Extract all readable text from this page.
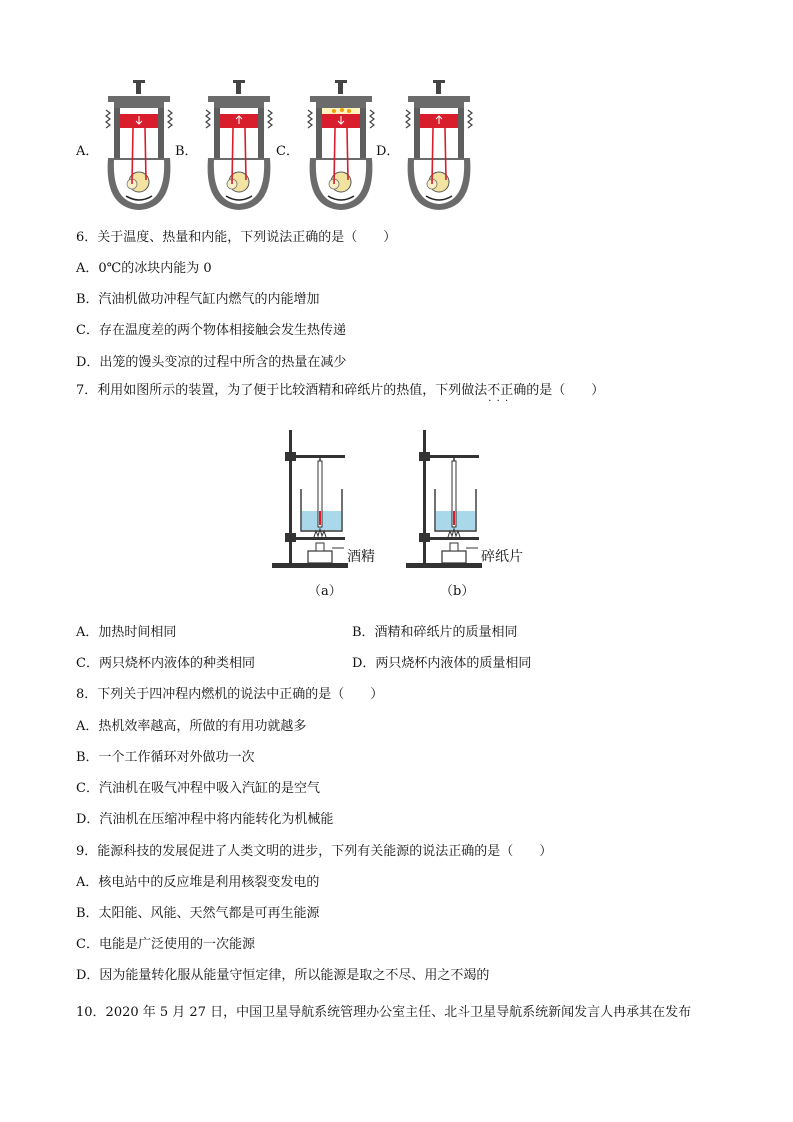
A．	B．	C．	D．
6．关于温度、热量和内能，下列说法正确的是（　　）
A．0℃的冰块内能为 0
B．汽油机做功冲程气缸内燃气的内能增加
C．存在温度差的两个物体相接触会发生热传递
D．出笼的馒头变凉的过程中所含的热量在减少
7．利用如图所示的装置，为了便于比较酒精和碎纸片的热值，下列做法不正确 · · ·的是（　　）
酒精
（a）
碎纸片
（b）
A．加热时间相同	B．酒精和碎纸片的质量相同
C．两只烧杯内液体的种类相同	D．两只烧杯内液体的质量相同
8．下列关于四冲程内燃机的说法中正确的是（　　）
A．热机效率越高，所做的有用功就越多
B．一个工作循环对外做功一次
C．汽油机在吸气冲程中吸入汽缸的是空气
D．汽油机在压缩冲程中将内能转化为机械能
9．能源科技的发展促进了人类文明的进步，下列有关能源的说法正确的是（　　）
A．核电站中的反应堆是利用核裂变发电的
B．太阳能、风能、天然气都是可再生能源
C．电能是广泛使用的一次能源
D．因为能量转化服从能量守恒定律，所以能源是取之不尽、用之不竭的
10．2020 年 5 月 27 日，中国卫星导航系统管理办公室主任、北斗卫星导航系统新闻发言人冉承其在发布
